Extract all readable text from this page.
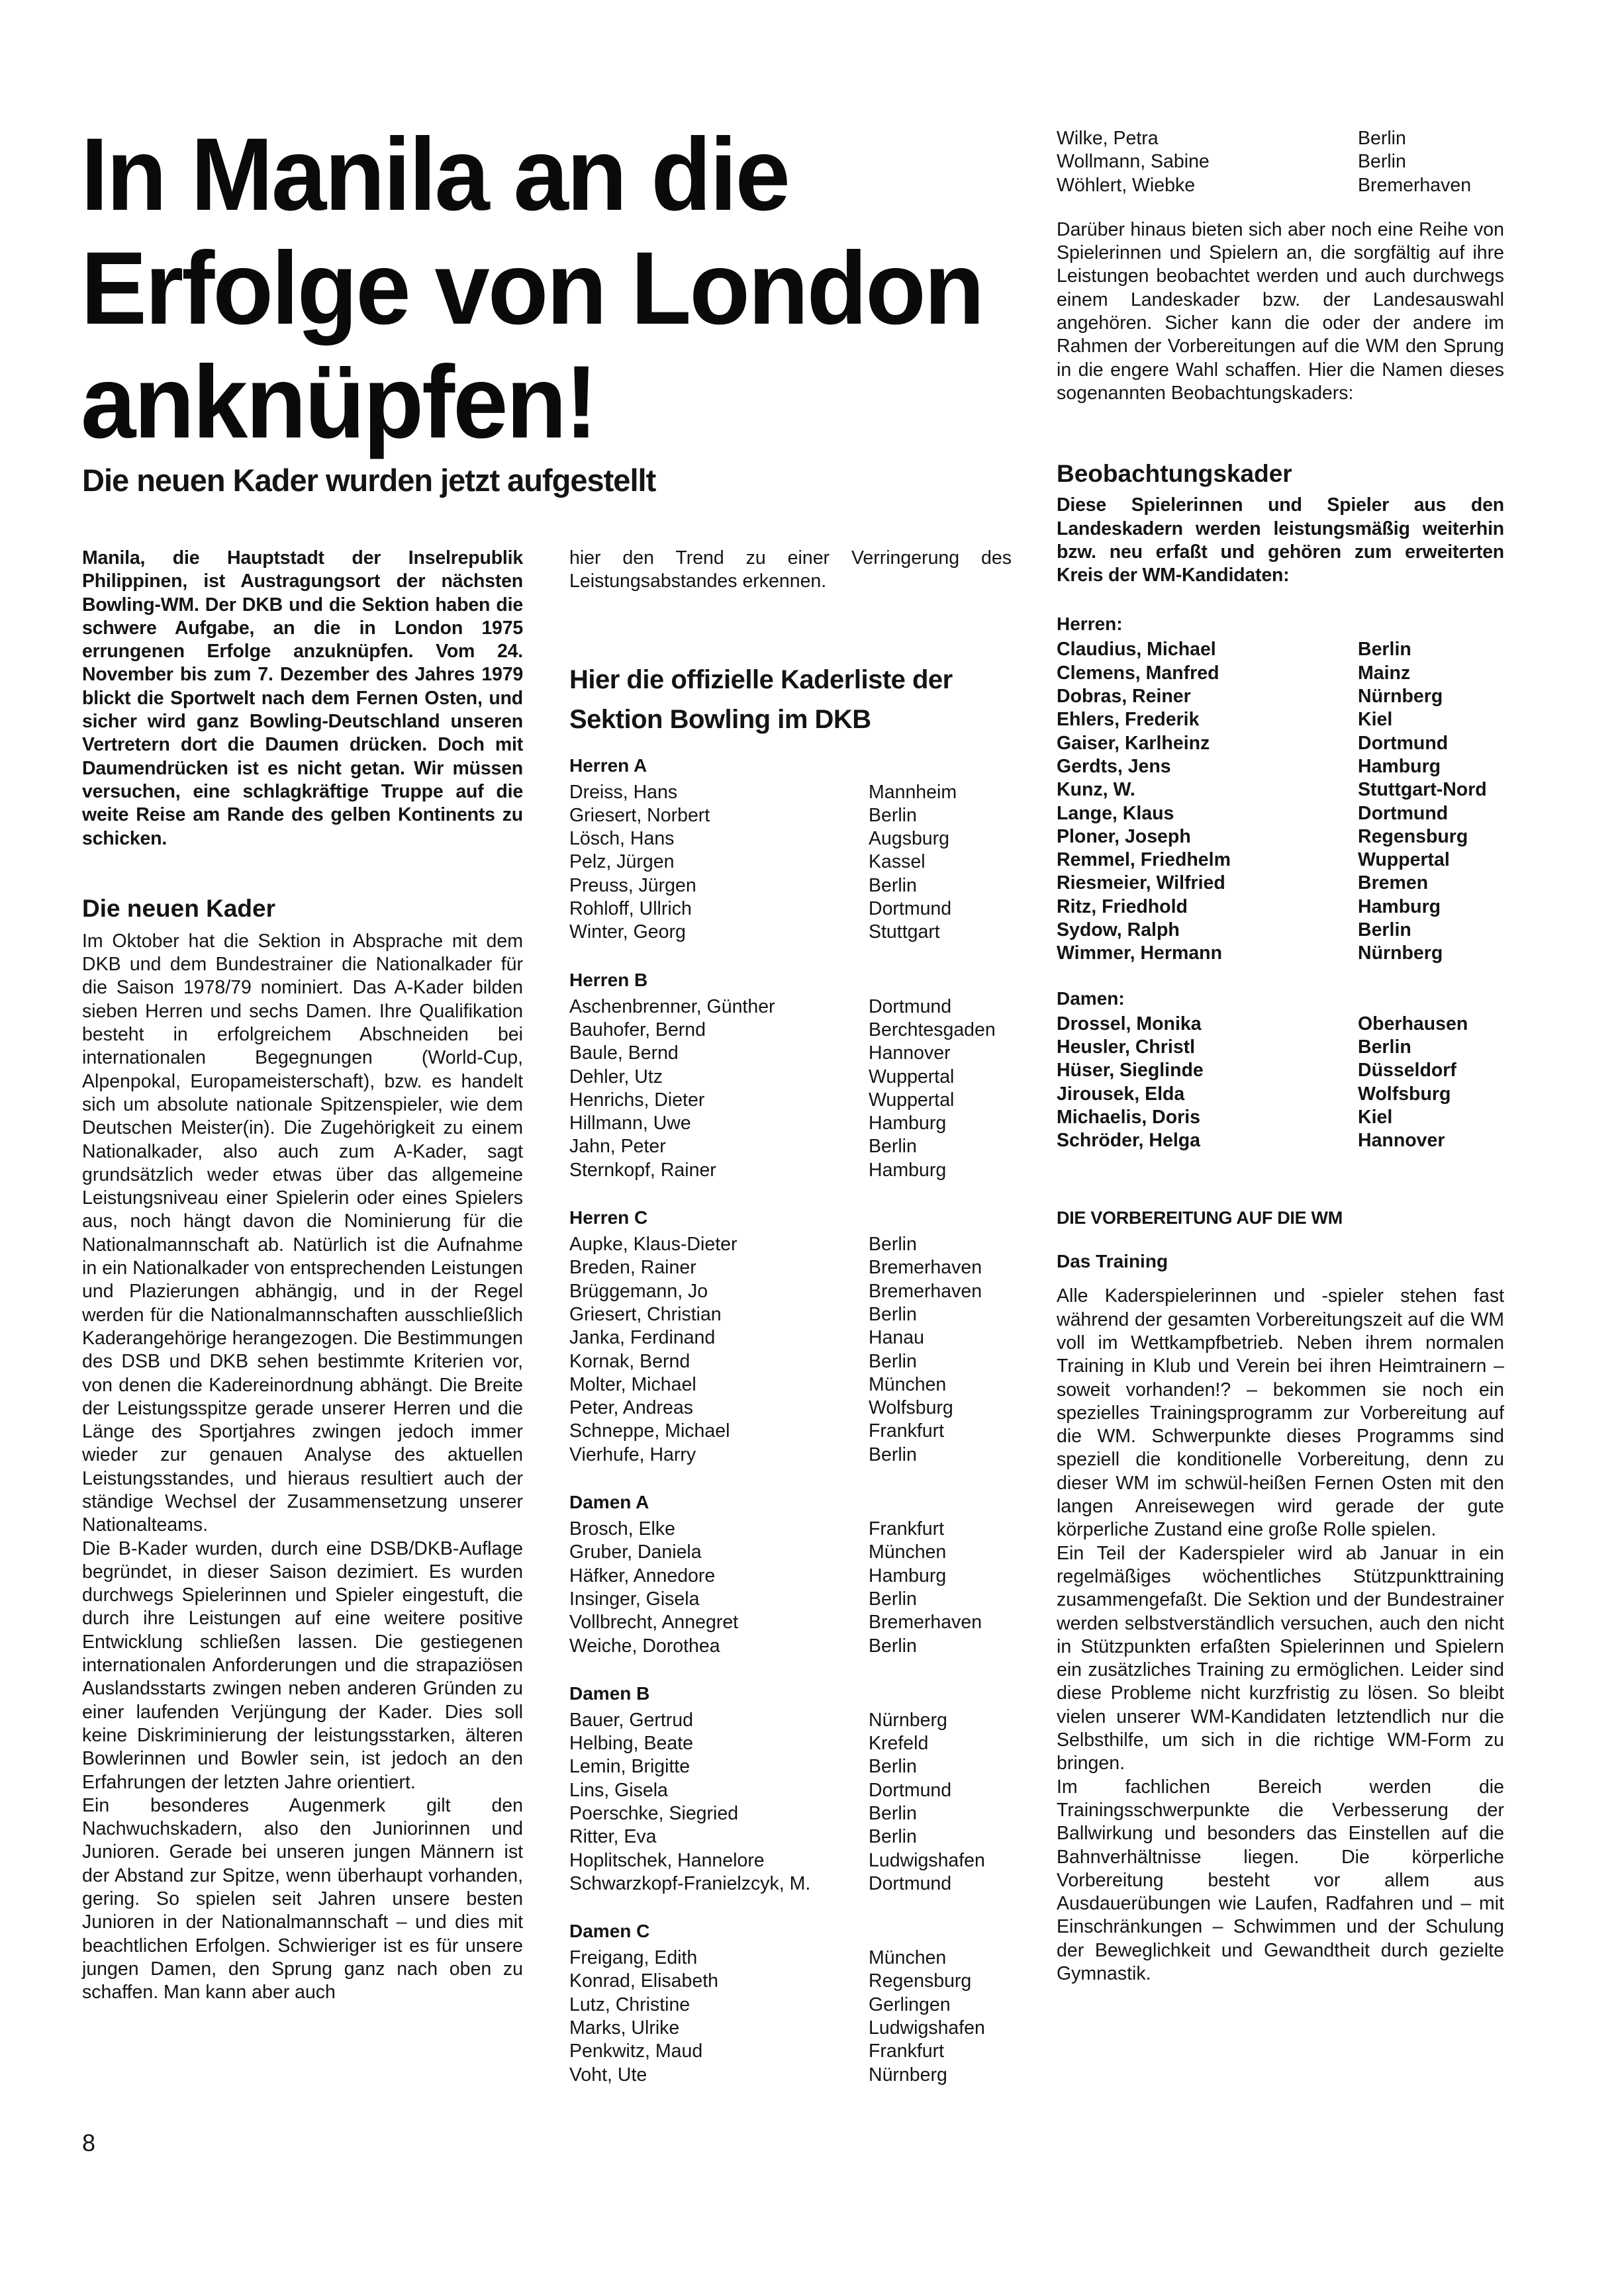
In Manila an die
Erfolge von London
anknüpfen!
Die neuen Kader wurden jetzt aufgestellt

Manila, die Hauptstadt der Inselrepublik Philippinen, ist Austragungsort der nächsten Bowling-WM. Der DKB und die Sektion haben die schwere Aufgabe, an die in London 1975 errungenen Erfolge anzuknüpfen. Vom 24. November bis zum 7. Dezember des Jahres 1979 blickt die Sportwelt nach dem Fernen Osten, und sicher wird ganz Bowling-Deutschland unseren Vertretern dort die Daumen drücken. Doch mit Daumendrücken ist es nicht getan. Wir müssen versuchen, eine schlagkräftige Truppe auf die weite Reise am Rande des gelben Kontinents zu schicken.

Die neuen Kader

Im Oktober hat die Sektion in Absprache mit dem DKB und dem Bundestrainer die Nationalkader für die Saison 1978/79 nominiert. Das A-Kader bilden sieben Herren und sechs Damen. Ihre Qualifikation besteht in erfolgreichem Abschneiden bei internationalen Begegnungen (World-Cup, Alpenpokal, Europameisterschaft), bzw. es handelt sich um absolute nationale Spitzenspieler, wie dem Deutschen Meister(in). Die Zugehörigkeit zu einem Nationalkader, also auch zum A-Kader, sagt grundsätzlich weder etwas über das allgemeine Leistungsniveau einer Spielerin oder eines Spielers aus, noch hängt davon die Nominierung für die Nationalmannschaft ab. Natürlich ist die Aufnahme in ein Nationalkader von entsprechenden Leistungen und Plazierungen abhängig, und in der Regel werden für die Nationalmannschaften ausschließlich Kaderangehörige herangezogen. Die Bestimmungen des DSB und DKB sehen bestimmte Kriterien vor, von denen die Kadereinordnung abhängt. Die Breite der Leistungsspitze gerade unserer Herren und die Länge des Sportjahres zwingen jedoch immer wieder zur genauen Analyse des aktuellen Leistungsstandes, und hieraus resultiert auch der ständige Wechsel der Zusammensetzung unserer Nationalteams.

Die B-Kader wurden, durch eine DSB/DKB-Auflage begründet, in dieser Saison dezimiert. Es wurden durchwegs Spielerinnen und Spieler eingestuft, die durch ihre Leistungen auf eine weitere positive Entwicklung schließen lassen. Die gestiegenen internationalen Anforderungen und die strapaziösen Auslandsstarts zwingen neben anderen Gründen zu einer laufenden Verjüngung der Kader. Dies soll keine Diskriminierung der leistungsstarken, älteren Bowlerinnen und Bowler sein, ist jedoch an den Erfahrungen der letzten Jahre orientiert.

Ein besonderes Augenmerk gilt den Nachwuchskadern, also den Juniorinnen und Junioren. Gerade bei unseren jungen Männern ist der Abstand zur Spitze, wenn überhaupt vorhanden, gering. So spielen seit Jahren unsere besten Junioren in der Nationalmannschaft – und dies mit beachtlichen Erfolgen. Schwieriger ist es für unsere jungen Damen, den Sprung ganz nach oben zu schaffen. Man kann aber auch

hier den Trend zu einer Verringerung des Leistungsabstandes erkennen.

Hier die offizielle Kaderliste der Sektion Bowling im DKB
Herren A
Dreiss, Hans	Mannheim
Griesert, Norbert	Berlin
Lösch, Hans	Augsburg
Pelz, Jürgen	Kassel
Preuss, Jürgen	Berlin
Rohloff, Ullrich	Dortmund
Winter, Georg	Stuttgart
Herren B
Aschenbrenner, Günther	Dortmund
Bauhofer, Bernd	Berchtesgaden
Baule, Bernd	Hannover
Dehler, Utz	Wuppertal
Henrichs, Dieter	Wuppertal
Hillmann, Uwe	Hamburg
Jahn, Peter	Berlin
Sternkopf, Rainer	Hamburg
Herren C
Aupke, Klaus-Dieter	Berlin
Breden, Rainer	Bremerhaven
Brüggemann, Jo	Bremerhaven
Griesert, Christian	Berlin
Janka, Ferdinand	Hanau
Kornak, Bernd	Berlin
Molter, Michael	München
Peter, Andreas	Wolfsburg
Schneppe, Michael	Frankfurt
Vierhufe, Harry	Berlin
Damen A
Brosch, Elke	Frankfurt
Gruber, Daniela	München
Häfker, Annedore	Hamburg
Insinger, Gisela	Berlin
Vollbrecht, Annegret	Bremerhaven
Weiche, Dorothea	Berlin
Damen B
Bauer, Gertrud	Nürnberg
Helbing, Beate	Krefeld
Lemin, Brigitte	Berlin
Lins, Gisela	Dortmund
Poerschke, Siegried	Berlin
Ritter, Eva	Berlin
Hoplitschek, Hannelore	Ludwigshafen
Schwarzkopf-Franielzcyk, M.	Dortmund
Damen C
Freigang, Edith	München
Konrad, Elisabeth	Regensburg
Lutz, Christine	Gerlingen
Marks, Ulrike	Ludwigshafen
Penkwitz, Maud	Frankfurt
Voht, Ute	Nürnberg
Wilke, Petra	Berlin
Wollmann, Sabine	Berlin
Wöhlert, Wiebke	Bremerhaven

Darüber hinaus bieten sich aber noch eine Reihe von Spielerinnen und Spielern an, die sorgfältig auf ihre Leistungen beobachtet werden und auch durchwegs einem Landeskader bzw. der Landesauswahl angehören. Sicher kann die oder der andere im Rahmen der Vorbereitungen auf die WM den Sprung in die engere Wahl schaffen. Hier die Namen dieses sogenannten Beobachtungskaders:

Beobachtungskader

Diese Spielerinnen und Spieler aus den Landeskadern werden leistungsmäßig weiterhin bzw. neu erfaßt und gehören zum erweiterten Kreis der WM-Kandidaten:

Herren:
Claudius, Michael	Berlin
Clemens, Manfred	Mainz
Dobras, Reiner	Nürnberg
Ehlers, Frederik	Kiel
Gaiser, Karlheinz	Dortmund
Gerdts, Jens	Hamburg
Kunz, W.	Stuttgart-Nord
Lange, Klaus	Dortmund
Ploner, Joseph	Regensburg
Remmel, Friedhelm	Wuppertal
Riesmeier, Wilfried	Bremen
Ritz, Friedhold	Hamburg
Sydow, Ralph	Berlin
Wimmer, Hermann	Nürnberg
Damen:
Drossel, Monika	Oberhausen
Heusler, Christl	Berlin
Hüser, Sieglinde	Düsseldorf
Jirousek, Elda	Wolfsburg
Michaelis, Doris	Kiel
Schröder, Helga	Hannover
DIE VORBEREITUNG AUF DIE WM
Das Training

Alle Kaderspielerinnen und -spieler stehen fast während der gesamten Vorbereitungszeit auf die WM voll im Wettkampfbetrieb. Neben ihrem normalen Training in Klub und Verein bei ihren Heimtrainern – soweit vorhanden!? – bekommen sie noch ein spezielles Trainingsprogramm zur Vorbereitung auf die WM. Schwerpunkte dieses Programms sind speziell die konditionelle Vorbereitung, denn zu dieser WM im schwül-heißen Fernen Osten mit den langen Anreisewegen wird gerade der gute körperliche Zustand eine große Rolle spielen.

Ein Teil der Kaderspieler wird ab Januar in ein regelmäßiges wöchentliches Stützpunkttraining zusammengefaßt. Die Sektion und der Bundestrainer werden selbstverständlich versuchen, auch den nicht in Stützpunkten erfaßten Spielerinnen und Spielern ein zusätzliches Training zu ermöglichen. Leider sind diese Probleme nicht kurzfristig zu lösen. So bleibt vielen unserer WM-Kandidaten letztendlich nur die Selbsthilfe, um sich in die richtige WM-Form zu bringen.

Im fachlichen Bereich werden die Trainingsschwerpunkte die Verbesserung der Ballwirkung und besonders das Einstellen auf die Bahnverhältnisse liegen. Die körperliche Vorbereitung besteht vor allem aus Ausdauerübungen wie Laufen, Radfahren und – mit Einschränkungen – Schwimmen und der Schulung der Beweglichkeit und Gewandtheit durch gezielte Gymnastik.

8
